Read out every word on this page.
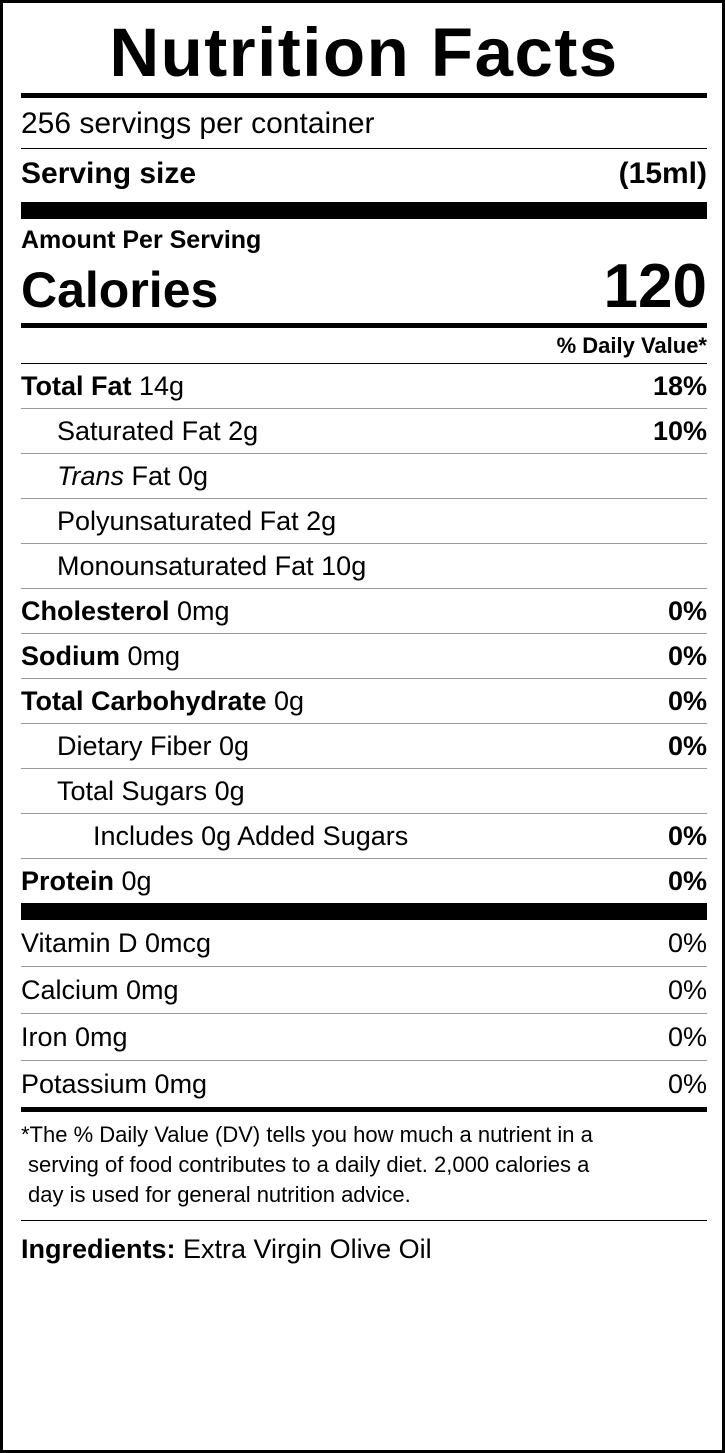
Nutrition Facts
256 servings per container
Serving size	(15ml)
Amount Per Serving
Calories	120
% Daily Value*
Total Fat 14g	18%
Saturated Fat 2g	10%
Trans Fat 0g
Polyunsaturated Fat 2g
Monounsaturated Fat 10g
Cholesterol 0mg	0%
Sodium 0mg	0%
Total Carbohydrate 0g	0%
Dietary Fiber 0g	0%
Total Sugars 0g
Includes 0g Added Sugars	0%
Protein 0g	0%
Vitamin D 0mcg	0%
Calcium 0mg	0%
Iron 0mg	0%
Potassium 0mg	0%
*The % Daily Value (DV) tells you how much a nutrient in a
serving of food contributes to a daily diet. 2,000 calories a
day is used for general nutrition advice.
Ingredients: Extra Virgin Olive Oil
